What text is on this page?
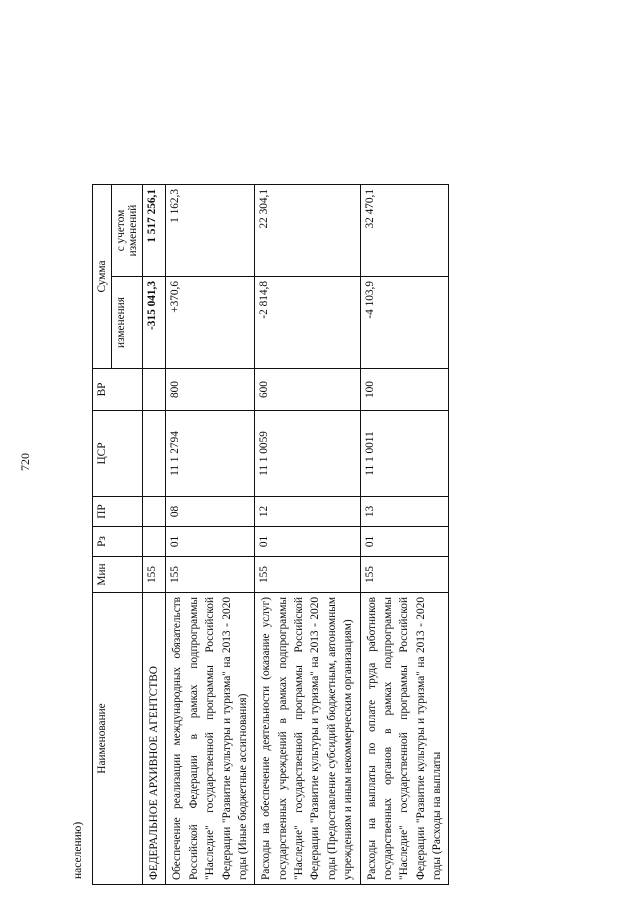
720
населению)
Наименование	Мин	Рз	ПР	ЦСР	ВР	Сумма	
						изменения	с учетом изменений
ФЕДЕРАЛЬНОЕ АРХИВНОЕ АГЕНТСТВО	155					-315 041,3	1 517 256,1
Обеспечение реализации международных обязательств Российской Федерации в рамках подпрограммы "Наследие" государственной программы Российской Федерации "Развитие культуры и туризма" на 2013 - 2020 годы (Иные бюджетные ассигнования)	155	01	08	11 1 2794	800	+370,6	1 162,3
Расходы на обеспечение деятельности (оказание услуг) государственных учреждений в рамках подпрограммы "Наследие" государственной программы Российской Федерации "Развитие культуры и туризма" на 2013 - 2020 годы (Предоставление субсидий бюджетным, автономным учреждениям и иным некоммерческим организациям)	155	01	12	11 1 0059	600	-2 814,8	22 304,1
Расходы на выплаты по оплате труда работников государственных органов в рамках подпрограммы "Наследие" государственной программы Российской Федерации "Развитие культуры и туризма" на 2013 - 2020 годы (Расходы на выплаты	155	01	13	11 1 0011	100	-4 103,9	32 470,1
